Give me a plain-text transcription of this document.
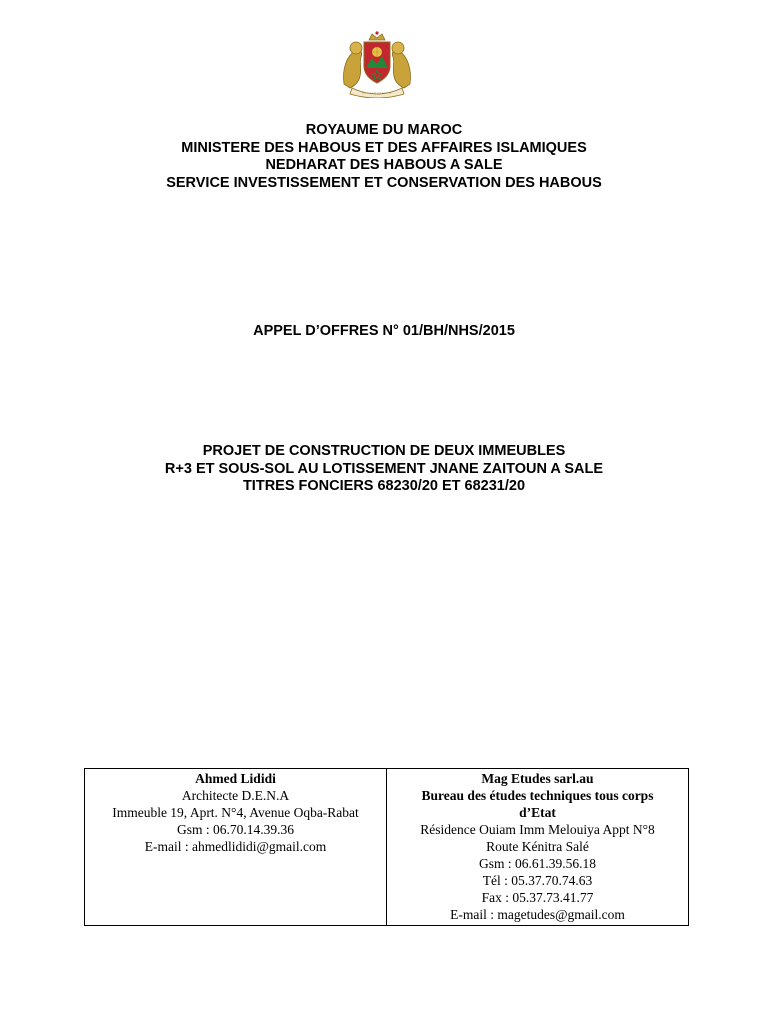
ROYAUME DU MAROC
MINISTERE DES HABOUS ET DES AFFAIRES ISLAMIQUES
NEDHARAT DES HABOUS A SALE
SERVICE INVESTISSEMENT ET CONSERVATION DES HABOUS
APPEL D’OFFRES N° 01/BH/NHS/2015
PROJET DE CONSTRUCTION DE DEUX IMMEUBLES
R+3 ET SOUS-SOL AU LOTISSEMENT JNANE ZAITOUN A SALE
TITRES FONCIERS 68230/20 ET 68231/20
Ahmed Lididi
Architecte D.E.N.A
Immeuble 19, Aprt. N°4, Avenue Oqba-Rabat
Gsm : 06.70.14.39.36
E-mail : ahmedlididi@gmail.com

Mag Etudes sarl.au
Bureau des études techniques tous corps
d’Etat
Résidence Ouiam Imm Melouiya Appt N°8
Route Kénitra Salé
Gsm : 06.61.39.56.18
Tél : 05.37.70.74.63
Fax : 05.37.73.41.77
E-mail : magetudes@gmail.com
